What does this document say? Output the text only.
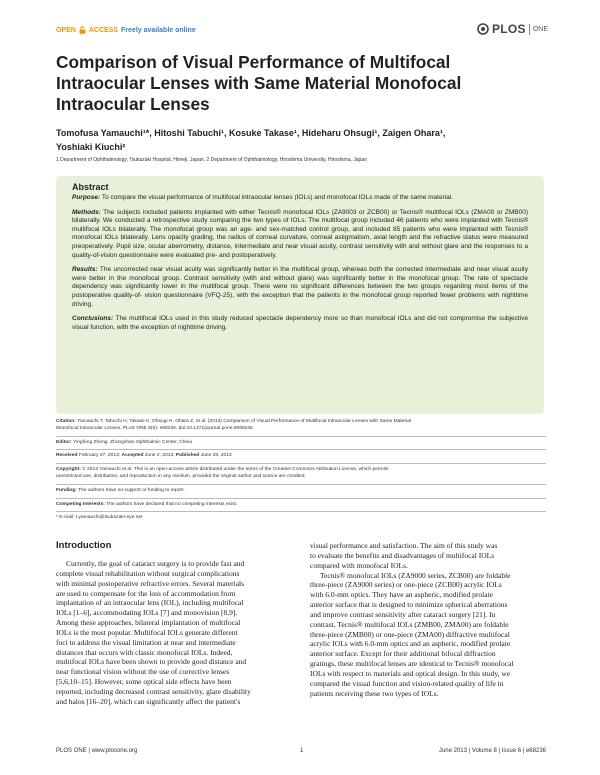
OPEN ACCESS Freely available online	PLOS ONE
Comparison of Visual Performance of Multifocal
Intraocular Lenses with Same Material Monofocal
Intraocular Lenses
Tomofusa Yamauchi¹*, Hitoshi Tabuchi¹, Kosuke Takase¹, Hideharu Ohsugi¹, Zaigen Ohara¹,
Yoshiaki Kiuchi²
1 Department of Ophthalmology, Tsukazaki Hospital, Himeji, Japan, 2 Department of Ophthalmology, Hiroshima University, Hiroshima, Japan
Abstract

Purpose: To compare the visual performance of multifocal intraocular lenses (IOLs) and monofocal IOLs made of the same material.

Methods: The subjects included patients implanted with either Tecnis® monofocal IOLs (ZA9003 or ZCB00) or Tecnis® multifocal IOLs (ZMA00 or ZMB00) bilaterally. We conducted a retrospective study comparing the two types of IOLs. The multifocal group included 46 patients who were implanted with Tecnis® multifocal IOLs bilaterally. The monofocal group was an age- and sex-matched control group, and included 85 patients who were implanted with Tecnis® monofocal IOLs bilaterally. Lens opacity grading, the radius of corneal curvature, corneal astigmatism, axial length and the refractive status were measured preoperatively. Pupil size, ocular aberrometry, distance, intermediate and near visual acuity, contrast sensitivity with and without glare and the responses to a quality-of-vision questionnaire were evaluated pre- and postoperatively.

Results: The uncorrected near visual acuity was significantly better in the multifocal group, whereas both the corrected intermediate and near visual acuity were better in the monofocal group. Contrast sensitivity (with and without glare) was significantly better in the monofocal group. The rate of spectacle dependency was significantly lower in the multifocal group. There were no significant differences between the two groups regarding most items of the postoperative quality-of- vision questionnaire (VFQ-25), with the exception that the patients in the monofocal group reported fewer problems with nighttime driving.

Conclusions: The multifocal IOLs used in this study reduced spectacle dependency more so than monofocal IOLs and did not compromise the subjective visual function, with the exception of nighttime driving.

Citation: Yamauchi T, Tabuchi H, Takase K, Ohsugi H, Ohara Z, et al. (2013) Comparison of Visual Performance of Multifocal Intraocular Lenses with Same Material

Monofocal Intraocular Lenses. PLoS ONE 8(6): e68236. doi:10.1371/journal.pone.0068236

Editor: Yingfeng Zheng, Zhongshan Ophthalmic Center, China

Received February 27, 2013; Accepted June 2, 2013; Published June 28, 2013

Copyright: © 2013 Yamauchi et al. This is an open-access article distributed under the terms of the Creative Commons Attribution License, which permits

unrestricted use, distribution, and reproduction in any medium, provided the original author and source are credited.

Funding: The authors have no support or funding to report.

Competing Interests: The authors have declared that no competing interests exist.

* E-mail: t.yamauchi@tsukazaki-eye.net

Introduction
Currently, the goal of cataract surgery is to provide fast and
complete visual rehabilitation without surgical complications
with minimal postoperative refractive errors. Several materials
are used to compensate for the loss of accommodation from
implantation of an intraocular lens (IOL), including multifocal
IOLs [1–6], accommodating IOLs [7] and monovision [8,9].
Among these approaches, bilateral implantation of multifocal
IOLs is the most popular. Multifocal IOLs generate different
foci to address the visual limitation at near and intermediate
distances that occurs with classic monofocal IOLs. Indeed,
multifocal IOLs have been shown to provide good distance and
near functional vision without the use of corrective lenses
[5,6,10–15]. However, some optical side effects have been
reported, including decreased contrast sensitivity, glare disability
and halos [16–20], which can significantly affect the patient's
visual performance and satisfaction. The aim of this study was
to evaluate the benefits and disadvantages of multifocal IOLs
compared with monofocal IOLs.
Tecnis® monofocal IOLs (ZA9000 series, ZCB00) are foldable
three-piece (ZA9000 series) or one-piece (ZCB00) acrylic IOLs
with 6.0-mm optics. They have an aspheric, modified prolate
anterior surface that is designed to minimize spherical aberrations
and improve contrast sensitivity after cataract surgery [21]. In
contrast, Tecnis® multifocal IOLs (ZMB00, ZMA00) are foldable
three-piece (ZMB00) or one-piece (ZMA00) diffractive multifocal
acrylic IOLs with 6.0-mm optics and an aspheric, modified prolate
anterior surface. Except for their additional bifocal diffraction
gratings, these multifocal lenses are identical to Tecnis® monofocal
IOLs with respect to materials and optical design. In this study, we
compared the visual function and vision-related quality of life in
patients receiving these two types of IOLs.
PLOS ONE | www.plosone.org	1	June 2013 | Volume 8 | Issue 6 | e68236
